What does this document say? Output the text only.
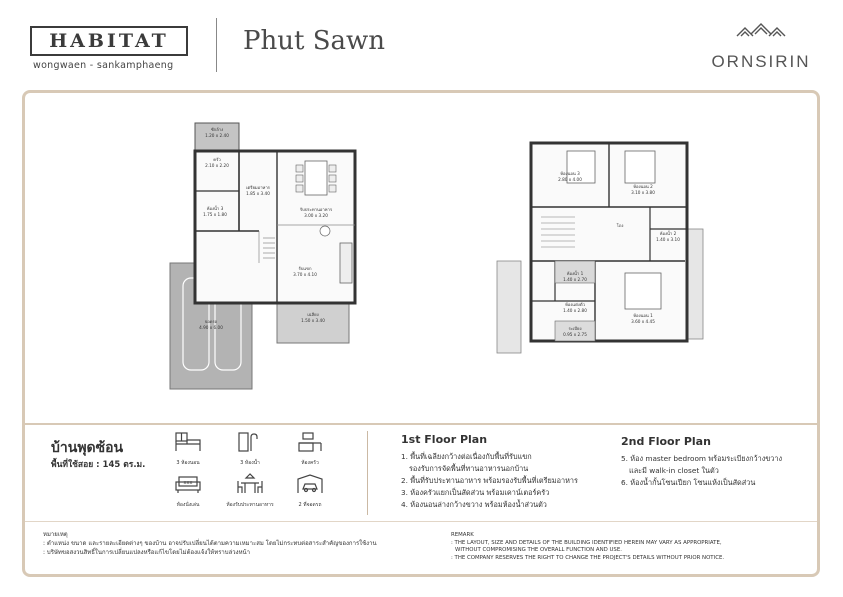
HABITAT
wongwaen - sankamphaeng
Phut Sawn
ORNSIRIN
ซักล้าง
1.20 x 2.40
ครัว
2.10 x 2.20
เตรียมอาหาร
1.85 x 3.40
รับประทานอาหาร
3.00 x 3.20
ห้องน้ำ 3
1.75 x 1.80
รับแขก
3.70 x 4.10
จอดรถ
4.90 x 6.00
เฉลียง
1.50 x 3.40
ห้องนอน 3
2.80 x 4.00
ห้องนอน 2
3.10 x 3.80
โถง
ห้องน้ำ 2
1.40 x 3.10
ห้องน้ำ 1
1.40 x 2.70
ห้องแต่งตัว
1.40 x 2.80
ห้องนอน 1
3.60 x 4.45
ระเบียง
0.95 x 2.75
บ้านพุดซ้อน
พื้นที่ใช้สอย : 145 ตร.ม.	3 ห้องนอน	3 ห้องน้ำ	ห้องครัว
xxx
ห้องนั่งเล่น	ห้องรับประทานอาหาร	2 ที่จอดรถ
1st Floor Plan
1. พื้นที่เฉลียงกว้างต่อเนื่องกับพื้นที่รับแขก
รองรับการจัดพื้นที่ทานอาหารนอกบ้าน
2. พื้นที่รับประทานอาหาร พร้อมรองรับพื้นที่เตรียมอาหาร
3. ห้องครัวแยกเป็นสัดส่วน พร้อมเคาน์เตอร์ครัว
4. ห้องนอนล่างกว้างขวาง พร้อมห้องน้ำส่วนตัว
2nd Floor Plan
5. ห้อง master bedroom พร้อมระเบียงกว้างขวาง
และมี walk-in closet ในตัว
6. ห้องน้ำกั้นโซนเปียก โซนแห้งเป็นสัดส่วน
หมายเหตุ
: ตำแหน่ง ขนาด และรายละเอียดต่างๆ ของบ้าน อาจปรับเปลี่ยนได้ตามความเหมาะสม โดยไม่กระทบต่อสาระสำคัญของการใช้งาน
: บริษัทขอสงวนสิทธิ์ในการเปลี่ยนแปลงหรือแก้ไขโดยไม่ต้องแจ้งให้ทราบล่วงหน้า
REMARK
: THE LAYOUT, SIZE AND DETAILS OF THE BUILDING IDENTIFIED HEREIN MAY VARY AS APPROPRIATE,
WITHOUT COMPROMISING THE OVERALL FUNCTION AND USE.
: THE COMPANY RESERVES THE RIGHT TO CHANGE THE PROJECT'S DETAILS WITHOUT PRIOR NOTICE.
